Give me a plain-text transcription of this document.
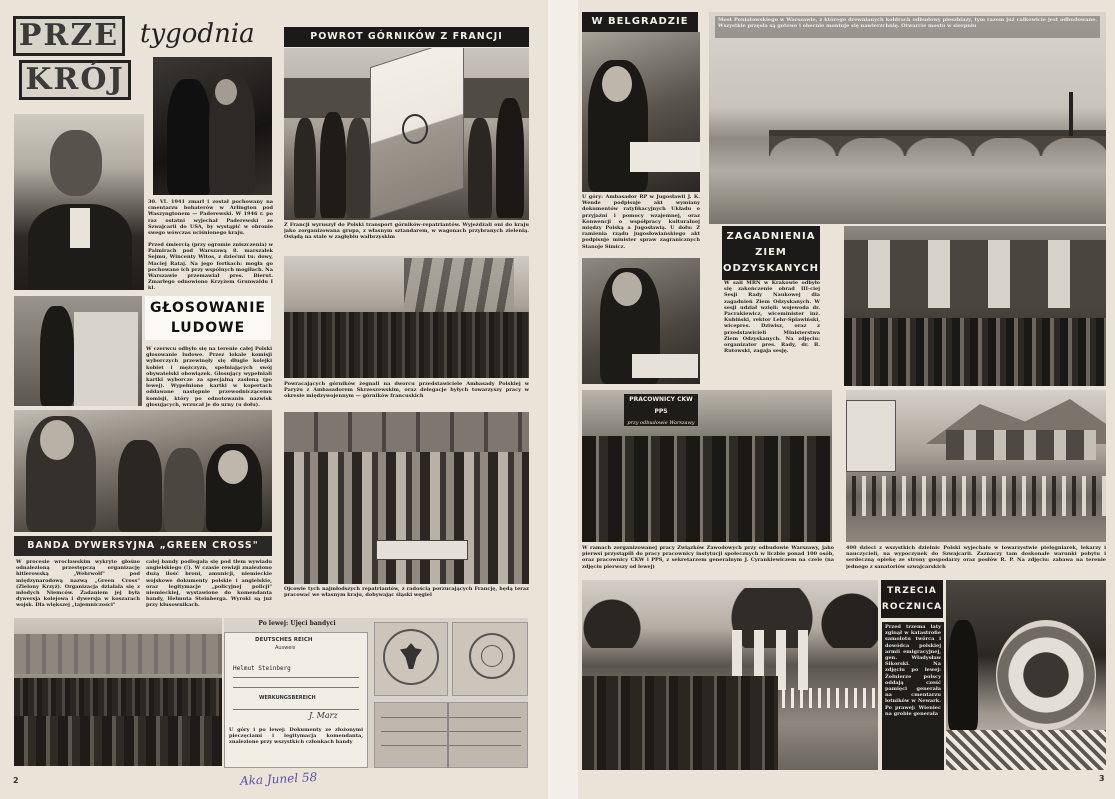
PRZE
KRÓJ
tygodnia
30. VI. 1941 zmarł i został pochowany na cmentarzu bohaterów w Arlington pod Waszyngtonem — Paderewski. W 1946 r. po raz ostatni wyjechał Paderewski ze Szwajcarii do USA, by wystąpić w obronie swego wówczas uciśnionego kraju.
Przed śmiercią (przy ogromie zniszczenia) w Palmirach pod Warszawą 8. marszałek Sejmu, Wincenty Witos, z dziećmi tu: dowy, Maciej Rataj. Na jego fortkach: mogła go pochowane ich przy wspólnych mogiłach. Na Warszawie przemawiał pres. Bierut. Zmarłego odnowiono Krzyżem Grunwaldu I kl.
GŁOSOWANIE
LUDOWE
W czerwcu odbyło się na terenie całej Polski głosowanie ludowe. Przez lokale komisji wyborczych przewinęły się długie kolejki kobiet i mężczyzn, spełniających swój obywatelski obowiązek. Głosujący wypełniali kartki wyborcze za specjalną zasłoną (po lewej). Wypełnione kartki w kopertach oddawane następnie przewodniczącemu komisji, który po odnotowaniu nazwisk głosujących, wrzucał je do urny (u dołu).
BANDA DYWERSYJNA „GREEN CROSS"
W procesie wrocławskim wykryto głośno odnalezioną przestępczą organizację hitlerowską „Wehrwolf" pod międzynarodową nazwą „Green Cross" (Zielony Krzyż). Organizacja działała się z młodych Niemców. Zadaniem jej była dywersja kolejowa i dywersja w koszarach wojsk. Dla większej „tajemniczości"
całej bandy podlegała się pod tłem wywiadu angielskiego (!). W czasie rewizji znaleziono dużą ilość broni, amunicji, niemieckie wojskowe dokumenty polskie i angielskie, oraz legitymacje „policyjnej policji" niemieckiej, wystawione do komendanta bandy, Helmuta Steinberga. Wyroki są już przy kłusownikach.
Po lewej: Ujęci bandyci
DEUTSCHES REICH
Ausweis
Helmut Steinberg
WERKUNGSBEREICH
J. Marz
U góry i po lewej: Dokumenty ze złożonymi pieczęciami i legitymacja komendanta, znalezione przy wszystkich członkach bandy
POWROT GÓRNIKÓW Z FRANCJI
Z Francji wyruszył do Polski transport górników-repatriantów. Wyjeżdżali oni do kraju jako zorganizowana grupa, z własnym sztandarem, w wagonach przybranych zielenią. Osiądą na stałe w zagłębiu wałbrzyskim
Powracających górników żegnali na dworcu przedstawiciele Ambasady Polskiej w Paryżu z Ambasadorem Skrzeszewskim, oraz delegacje byłych towarzyszy pracy w okresie międzywojennym — górników francuskich
Ojcowie tych najmłodszych repatriantów, z radością porzucających Francję, będą teraz pracować we własnym kraju, dobywając śląski węgiel
2	Aka Junel 58
W BELGRADZIE
U góry: Ambasador RP w Jugosławii J. K. Wende podpisuje akt wymiany dokumentów ratyfikacyjnych Układu o przyjaźni i pomocy wzajemnej, oraz Konwencji o współpracy kulturalnej między Polską a Jugosławią. U dołu: Z ramienia rządu jugosłowiańskiego akt podpisuje minister spraw zagranicznych Stanoje Simicz.
Most Poniatowskiego w Warszawie, z którego drewnianych kołdrach odbudowy pieszbiazy, tym razem już całkowicie jest odbudowane. Wszystkie przęsła są gotowe i obecnie montuje się nawierzchnię. Otwarcie mostu w sierpniu
ZAGADNIENIA
ZIEM
ODZYSKANYCH
W sali MRN w Krakowie odbyło się zakończenie obrad III-ciej Sesji Rady Naukowej dla zagadnień Ziem Odzyskanych. W sesji udział wzięli: wojewoda dr. Pacrakiewicz, wiceminister inż. Kubiński, rektor Lehr-Splawiński, wicepres. Dziwisz, oraz z przedstawicieli Ministerstwa Ziem Odzyskanych. Na zdjęciu: organizator pres. Rady, dr. B. Rutowski, zagaja sesję.
PRACOWNICY CKW PPS
przy odbudowie Warszawy
W ramach zorganizowanej pracy Związków Zawodowych przy odbudowie Warszawy, jako pierwsi przystąpili do pracy pracownicy instytucji społecznych w liczbie ponad 100 osób, oraz pracownicy CKW i PPS, z sekretarzem generalnym J. Cyrankiewiczem na czele (na zdjęciu pierwszy od lewej)
400 dzieci z wszystkich dzielnic Polski wyjechało w towarzystwie pielęgniarek, lekarzy i nauczycieli, na wypoczynek do Szwajcarii. Zaznaczy tam doskonałe warunki pobytu i serdeczną opiekę ze strony gospodarzy oraz posłów R. P. Na zdjęciu: zabawa na terenie jednego z sanatoriów szwajcarskich
TRZECIA
ROCZNICA
Przed trzema laty zginął w katastrofie samolotu twórca i dowódca polskiej armii emigracyjnej, gen. Władysław Sikorski. Na zdjęciu po lewej: Żołnierze polscy oddają cześć pamięci generała na cmentarzu lotników w Newark. Po prawej: Wieniec na grobie generała
3
